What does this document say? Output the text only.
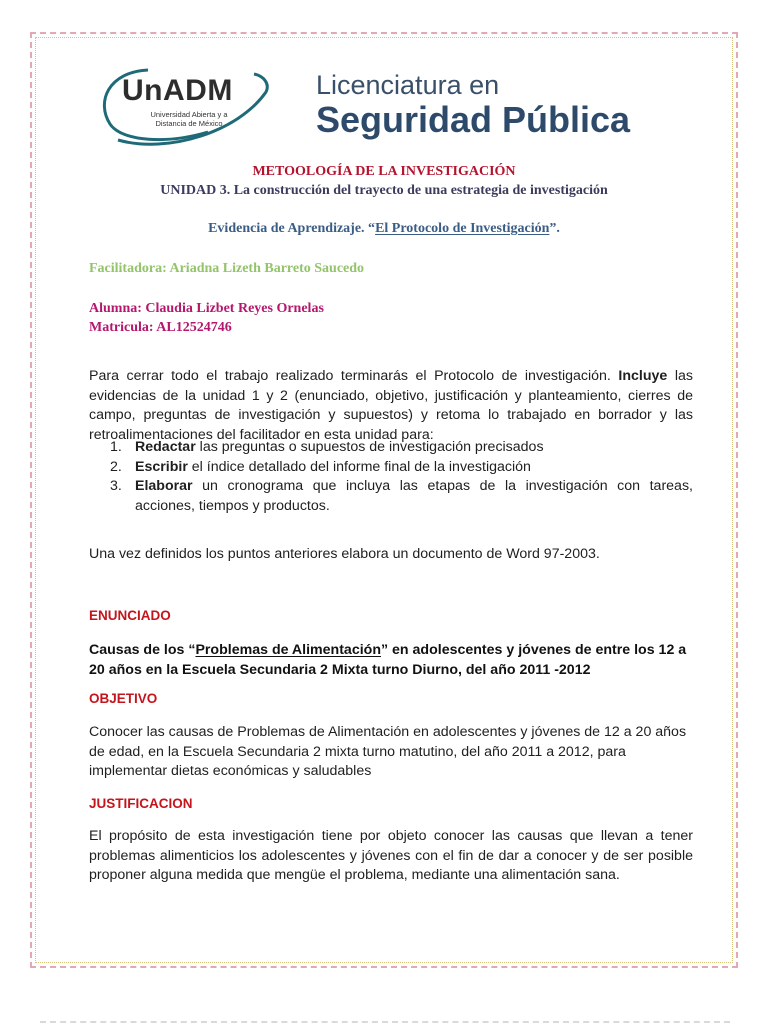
UnADM
Universidad Abierta y a Distancia de México
Licenciatura en
Seguridad Pública
METOOLOGÍA DE LA INVESTIGACIÓN
UNIDAD 3. La construcción del trayecto de una estrategia de investigación
Evidencia de Aprendizaje. “El Protocolo de Investigación”.
Facilitadora: Ariadna Lizeth Barreto Saucedo
Alumna: Claudia Lizbet Reyes Ornelas
Matricula: AL12524746
Para cerrar todo el trabajo realizado terminarás el Protocolo de investigación. Incluye las evidencias de la unidad 1 y 2 (enunciado, objetivo, justificación y planteamiento, cierres de campo, preguntas de investigación y supuestos) y retoma lo trabajado en borrador y las retroalimentaciones del facilitador en esta unidad para:
1. Redactar las preguntas o supuestos de investigación precisados
2. Escribir el índice detallado del informe final de la investigación
3. Elaborar un cronograma que incluya las etapas de la investigación con tareas, acciones, tiempos y productos.
Una vez definidos los puntos anteriores elabora un documento de Word 97-2003.
ENUNCIADO
Causas de los “Problemas de Alimentación” en adolescentes y jóvenes de entre los 12 a 20 años en la Escuela Secundaria 2 Mixta turno Diurno, del año 2011 -2012
OBJETIVO
Conocer las causas de Problemas de Alimentación en adolescentes y jóvenes de 12 a 20 años de edad, en la Escuela Secundaria 2 mixta turno matutino, del año 2011 a 2012, para implementar dietas económicas y saludables
JUSTIFICACION
El propósito de esta investigación tiene por objeto conocer las causas que llevan a tener problemas alimenticios los adolescentes y jóvenes con el fin de dar a conocer y de ser posible proponer alguna medida que mengüe el problema, mediante una alimentación sana.
